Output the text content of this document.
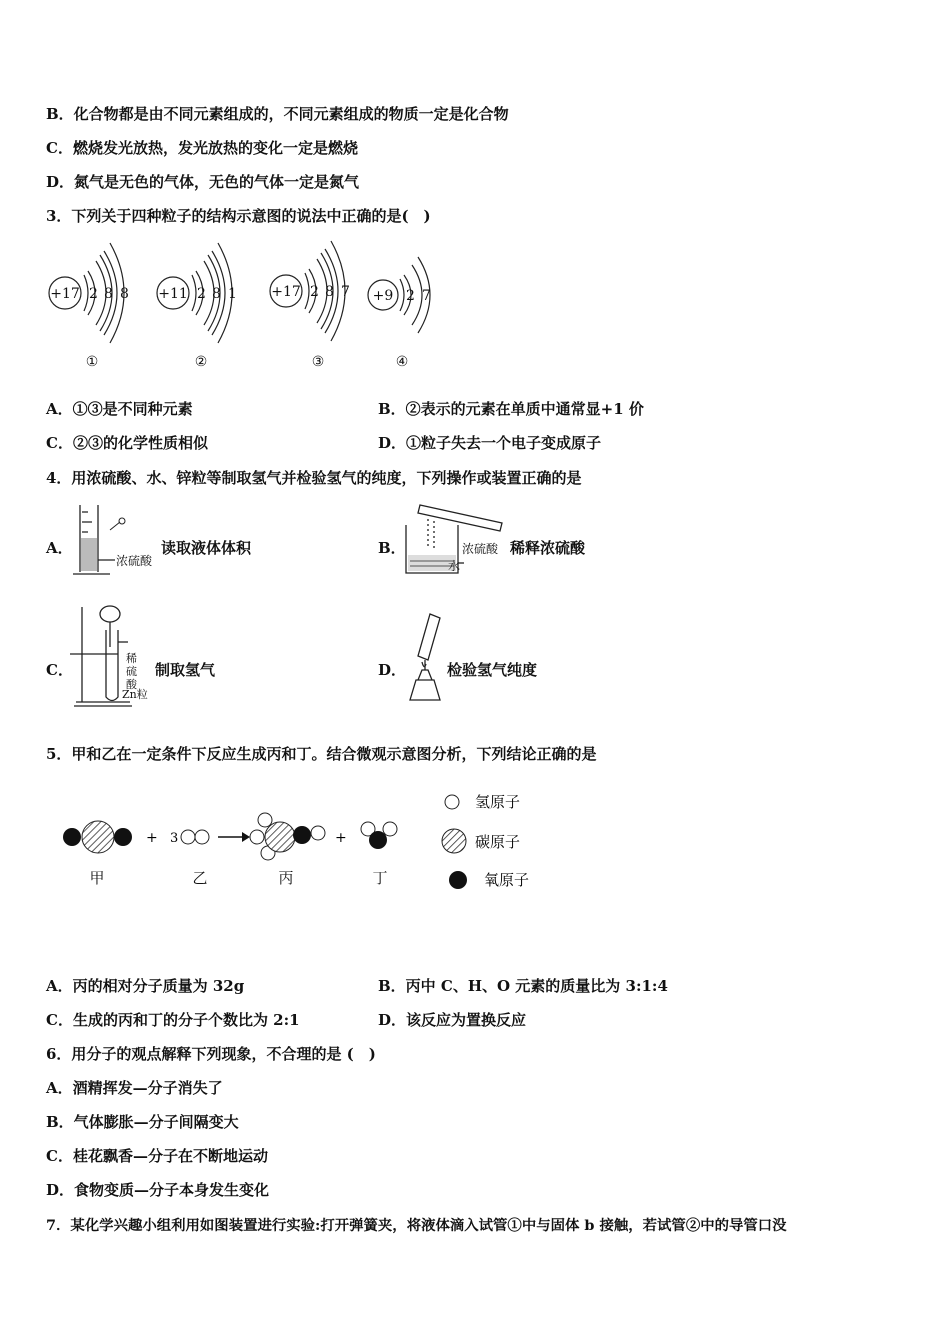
B．化合物都是由不同元素组成的，不同元素组成的物质一定是化合物
C．燃烧发光放热，发光放热的变化一定是燃烧
D．氮气是无色的气体，无色的气体一定是氮气
3．下列关于四种粒子的结构示意图的说法中正确的是(　)
+17 2 8 8 +11 2 8 1 +17 2 8 7 +9 2 7
①	②	③	④
A．①③是不同种元素	B．②表示的元素在单质中通常显+1 价
C．②③的化学性质相似	D．①粒子失去一个电子变成原子
4．用浓硫酸、水、锌粒等制取氢气并检验氢气的纯度，下列操作或装置正确的是
A．
浓硫酸
读取液体体积	B．	浓硫酸
水
稀释浓硫酸
C．
稀
硫
酸
Zn粒
制取氢气	D．	检验氢气纯度
5．甲和乙在一定条件下反应生成丙和丁。结合微观示意图分析，下列结论正确的是
+ 3	+
甲	乙	丙	丁
氢原子
碳原子
氧原子
A．丙的相对分子质量为 32g	B．丙中 C、H、O 元素的质量比为 3:1:4
C．生成的丙和丁的分子个数比为 2:1	D．该反应为置换反应
6．用分子的观点解释下列现象，不合理的是 (　)
A．酒精挥发—分子消失了
B．气体膨胀—分子间隔变大
C．桂花飘香—分子在不断地运动
D．食物变质—分子本身发生变化
7．某化学兴趣小组利用如图装置进行实验:打开弹簧夹，将液体滴入试管①中与固体 b 接触，若试管②中的导管口没
